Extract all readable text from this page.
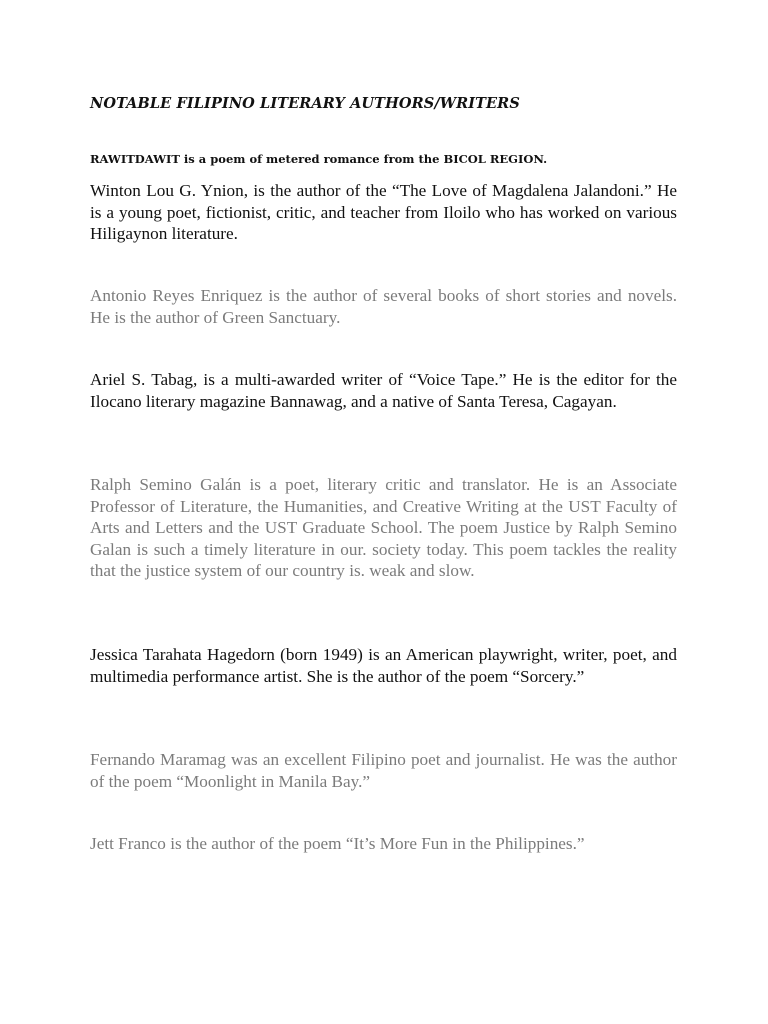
NOTABLE FILIPINO LITERARY AUTHORS/WRITERS
RAWITDAWIT is a poem of metered romance from the BICOL REGION.
Winton Lou G. Ynion, is the author of the “The Love of Magdalena Jalandoni.” He is a young poet, fictionist, critic, and teacher from Iloilo who has worked on various Hiligaynon literature.
Antonio Reyes Enriquez is the author of several books of short stories and novels. He is the author of Green Sanctuary.
Ariel S. Tabag, is a multi-awarded writer of “Voice Tape.” He is the editor for the Ilocano literary magazine Bannawag, and a native of Santa Teresa, Cagayan.
Ralph Semino Galán is a poet, literary critic and translator. He is an Associate Professor of Literature, the Humanities, and Creative Writing at the UST Faculty of Arts and Letters and the UST Graduate School. The poem Justice by Ralph Semino Galan is such a timely literature in our. society today. This poem tackles the reality that the justice system of our country is. weak and slow.
Jessica Tarahata Hagedorn (born 1949) is an American playwright, writer, poet, and multimedia performance artist. She is the author of the poem “Sorcery.”
Fernando Maramag was an excellent Filipino poet and journalist. He was the author of the poem “Moonlight in Manila Bay.”
Jett Franco is the author of the poem “It’s More Fun in the Philippines.”
